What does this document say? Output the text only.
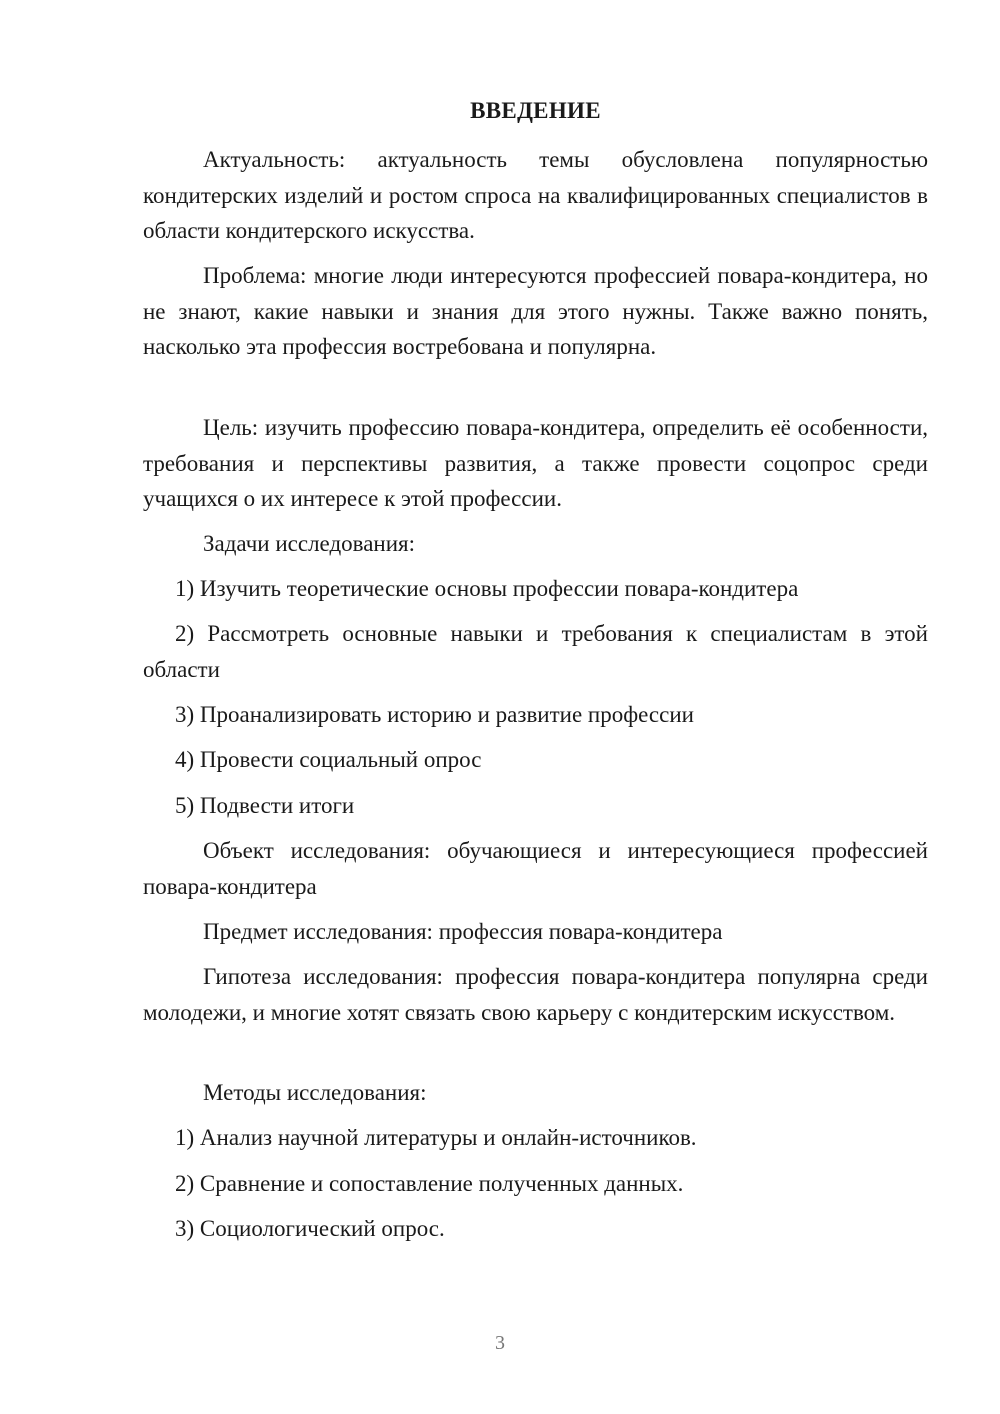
ВВЕДЕНИЕ

Актуальность: актуальность темы обусловлена популярностью кондитерских изделий и ростом спроса на квалифицированных специалистов в области кондитерского искусства.

Проблема: многие люди интересуются профессией повара-кондитера, но не знают, какие навыки и знания для этого нужны. Также важно понять, насколько эта профессия востребована и популярна.

Цель: изучить профессию повара-кондитера, определить её особенности, требования и перспективы развития, а также провести соцопрос среди учащихся о их интересе к этой профессии.

Задачи исследования:

1) Изучить теоретические основы профессии повара-кондитера

2) Рассмотреть основные навыки и требования к специалистам в этой области

3) Проанализировать историю и развитие профессии

4) Провести социальный опрос

5) Подвести итоги

Объект исследования: обучающиеся и интересующиеся профессией повара-кондитера

Предмет исследования: профессия повара-кондитера

Гипотеза исследования: профессия повара-кондитера популярна среди молодежи, и многие хотят связать свою карьеру с кондитерским искусством.

Методы исследования:

1) Анализ научной литературы и онлайн-источников.

2) Сравнение и сопоставление полученных данных.

3) Социологический опрос.

3
